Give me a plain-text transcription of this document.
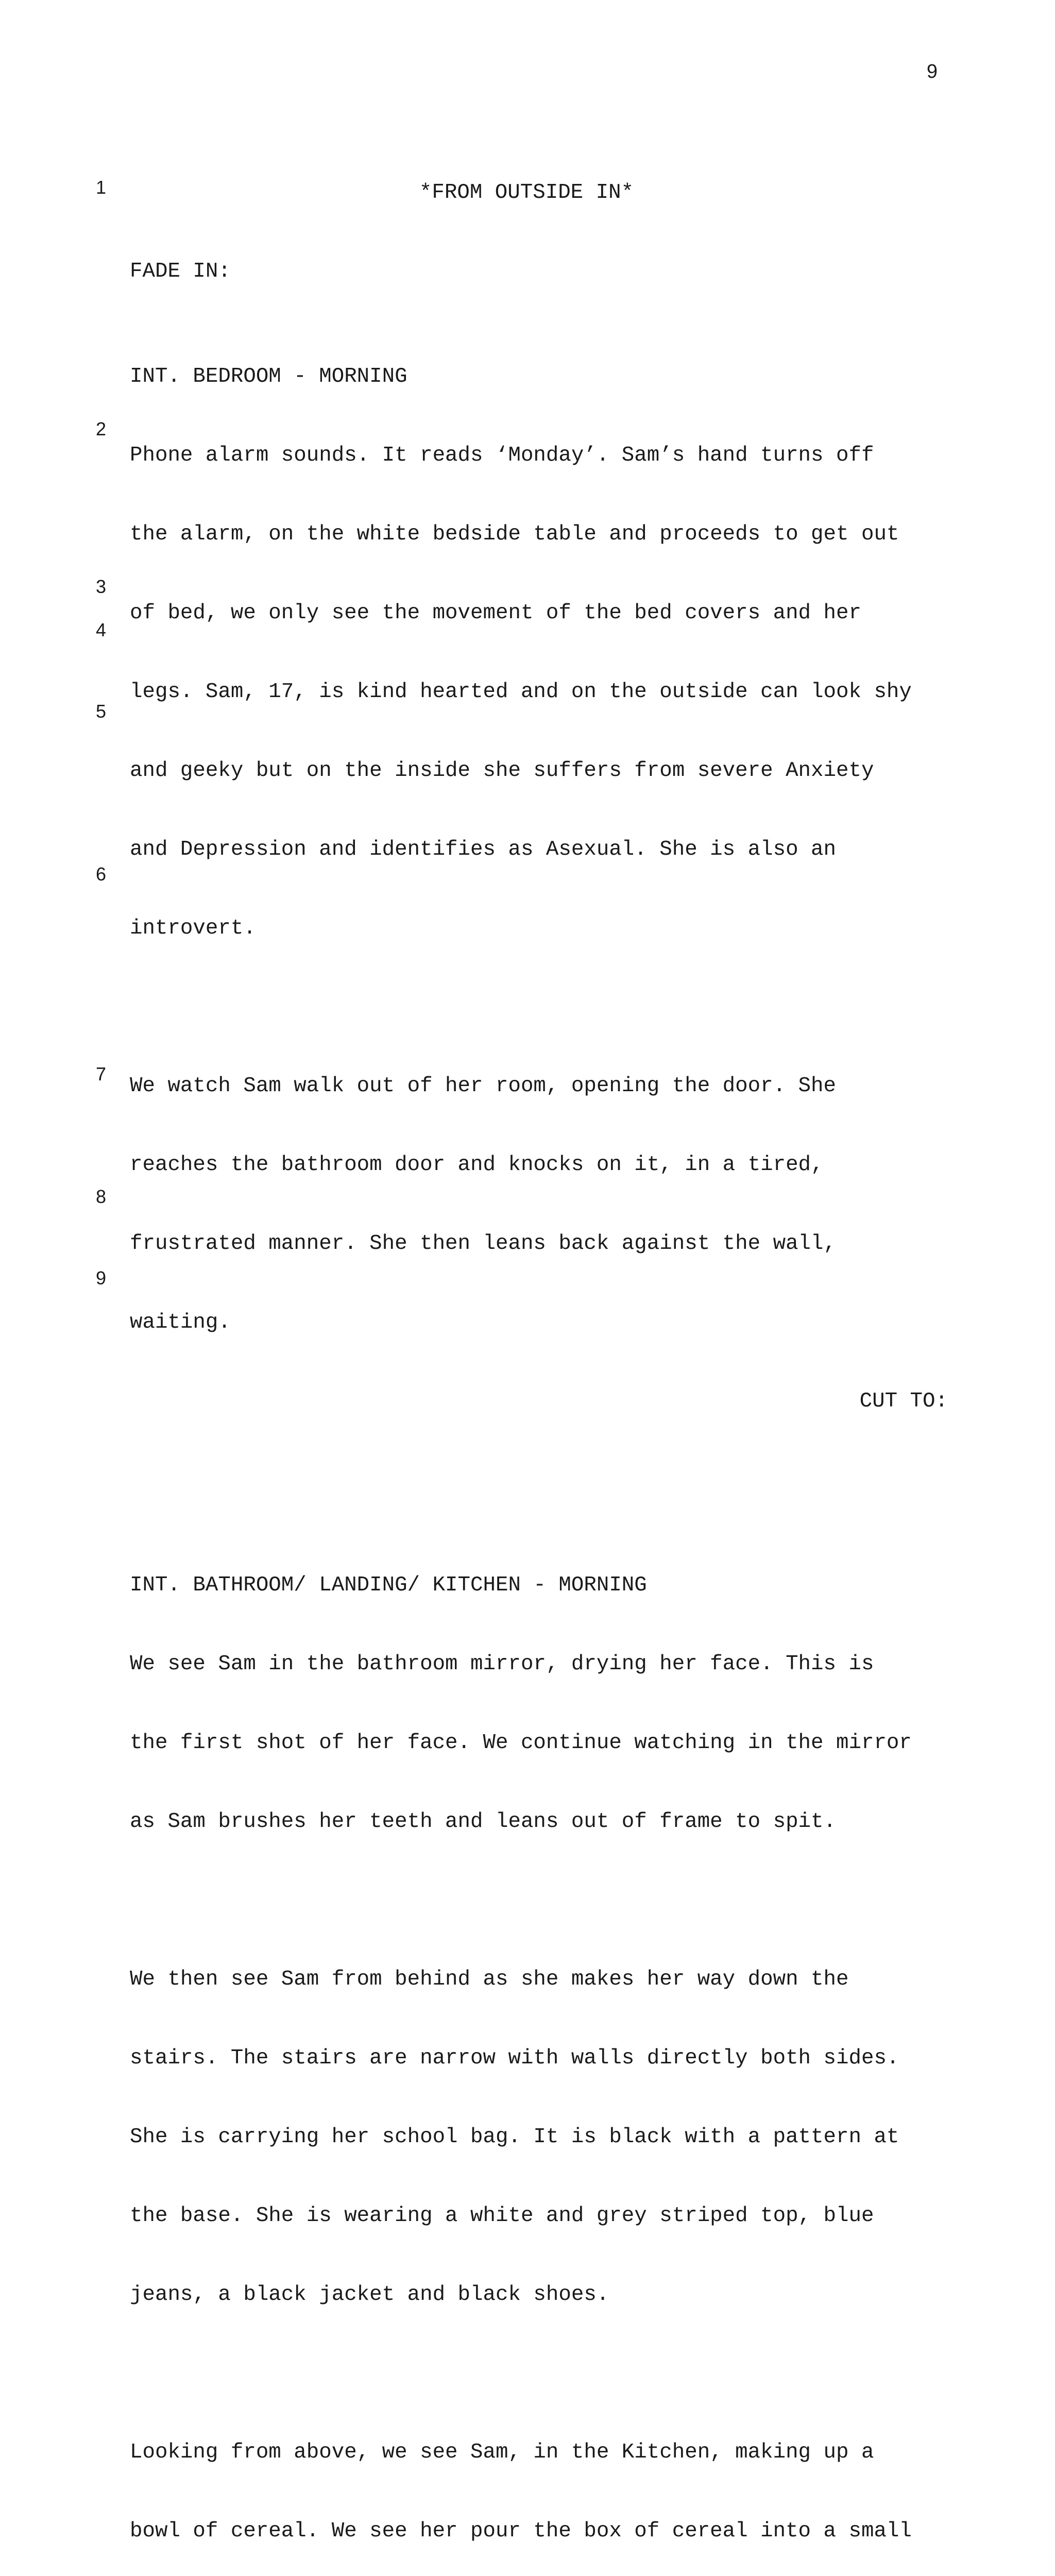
9
1
2
3
4
5
6
7
8
9

*FROM OUTSIDE IN*

FADE IN:

INT. BEDROOM - MORNING

Phone alarm sounds. It reads ‘Monday’. Sam’s hand turns off

the alarm, on the white bedside table and proceeds to get out

of bed, we only see the movement of the bed covers and her

legs. Sam, 17, is kind hearted and on the outside can look shy

and geeky but on the inside she suffers from severe Anxiety

and Depression and identifies as Asexual. She is also an

introvert.

We watch Sam walk out of her room, opening the door. She

reaches the bathroom door and knocks on it, in a tired,

frustrated manner. She then leans back against the wall,

waiting.

CUT TO:

INT. BATHROOM/ LANDING/ KITCHEN - MORNING

We see Sam in the bathroom mirror, drying her face. This is

the first shot of her face. We continue watching in the mirror

as Sam brushes her teeth and leans out of frame to spit.

We then see Sam from behind as she makes her way down the

stairs. The stairs are narrow with walls directly both sides.

She is carrying her school bag. It is black with a pattern at

the base. She is wearing a white and grey striped top, blue

jeans, a black jacket and black shoes.

Looking from above, we see Sam, in the Kitchen, making up a

bowl of cereal. We see her pour the box of cereal into a small
